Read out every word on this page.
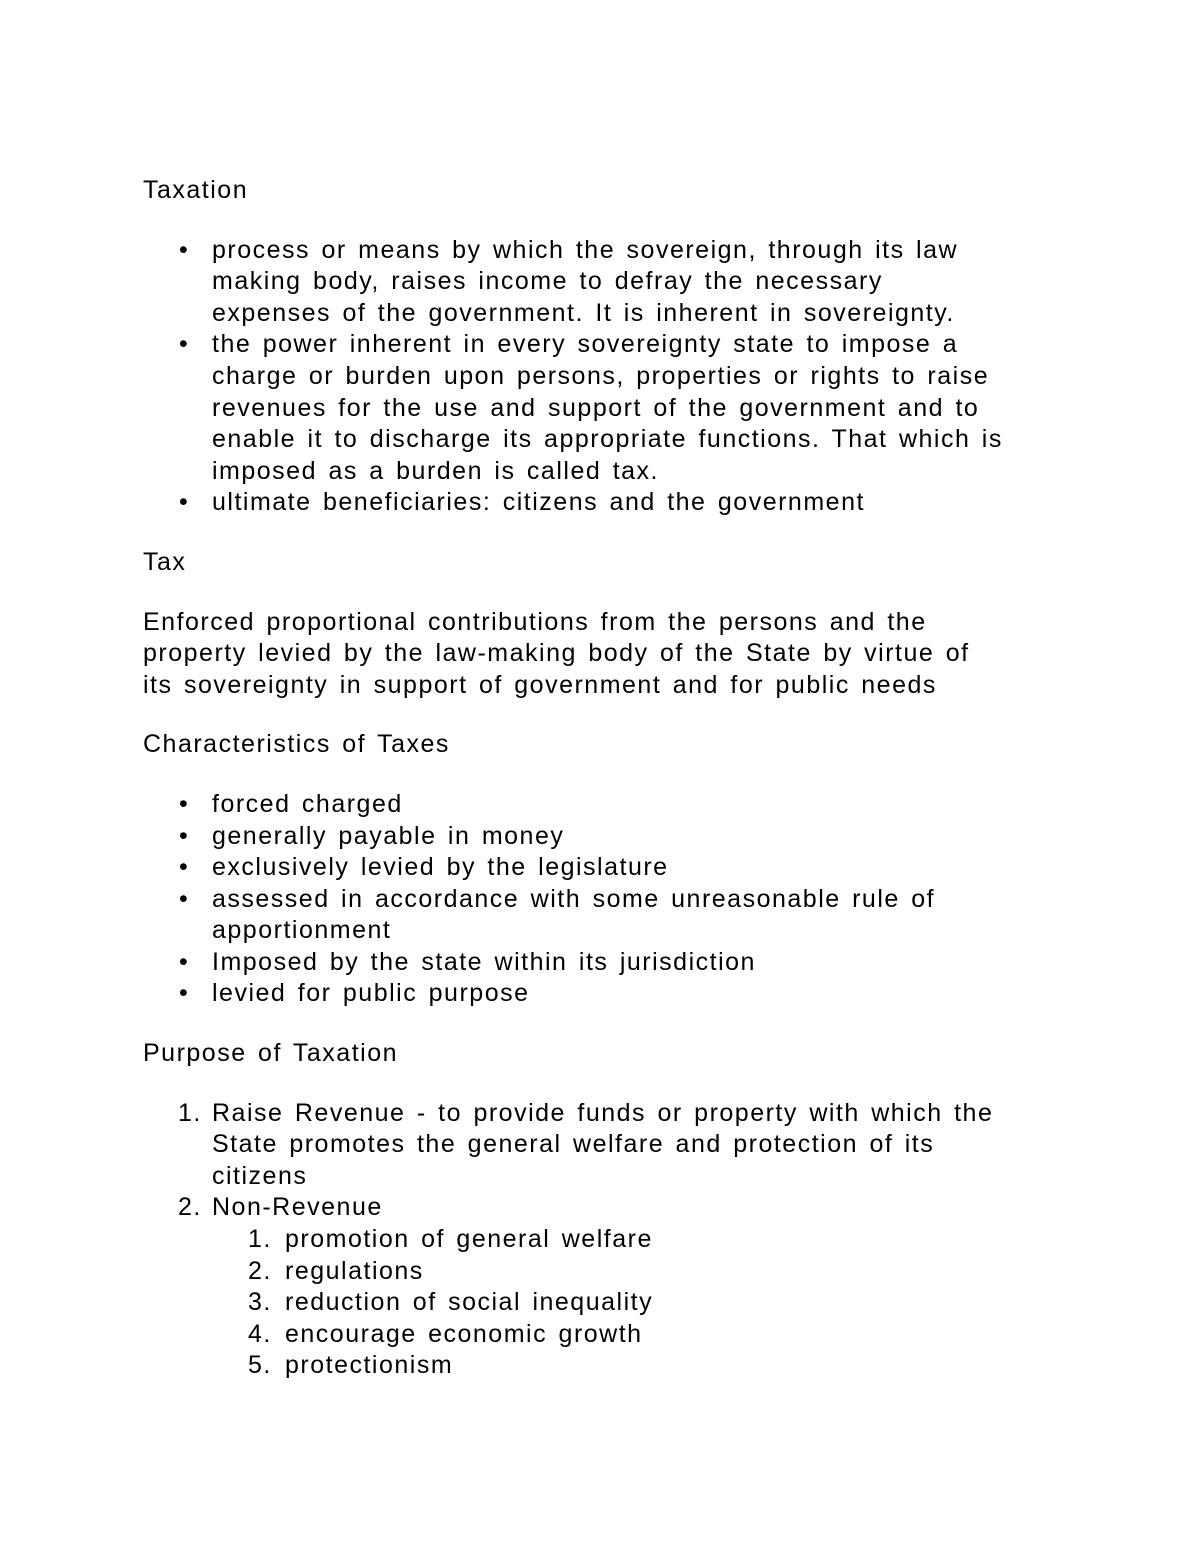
Taxation
• process or means by which the sovereign, through its law
making body, raises income to defray the necessary
expenses of the government. It is inherent in sovereignty.
• the power inherent in every sovereignty state to impose a
charge or burden upon persons, properties or rights to raise
revenues for the use and support of the government and to
enable it to discharge its appropriate functions. That which is
imposed as a burden is called tax.
• ultimate beneficiaries: citizens and the government
Tax

Enforced proportional contributions from the persons and the
property levied by the law-making body of the State by virtue of
its sovereignty in support of government and for public needs

Characteristics of Taxes
• forced charged
• generally payable in money
• exclusively levied by the legislature
• assessed in accordance with some unreasonable rule of
apportionment
• Imposed by the state within its jurisdiction
• levied for public purpose
Purpose of Taxation
1. Raise Revenue - to provide funds or property with which the
State promotes the general welfare and protection of its
citizens
2. Non-Revenue
1. promotion of general welfare
2. regulations
3. reduction of social inequality
4. encourage economic growth
5. protectionism
